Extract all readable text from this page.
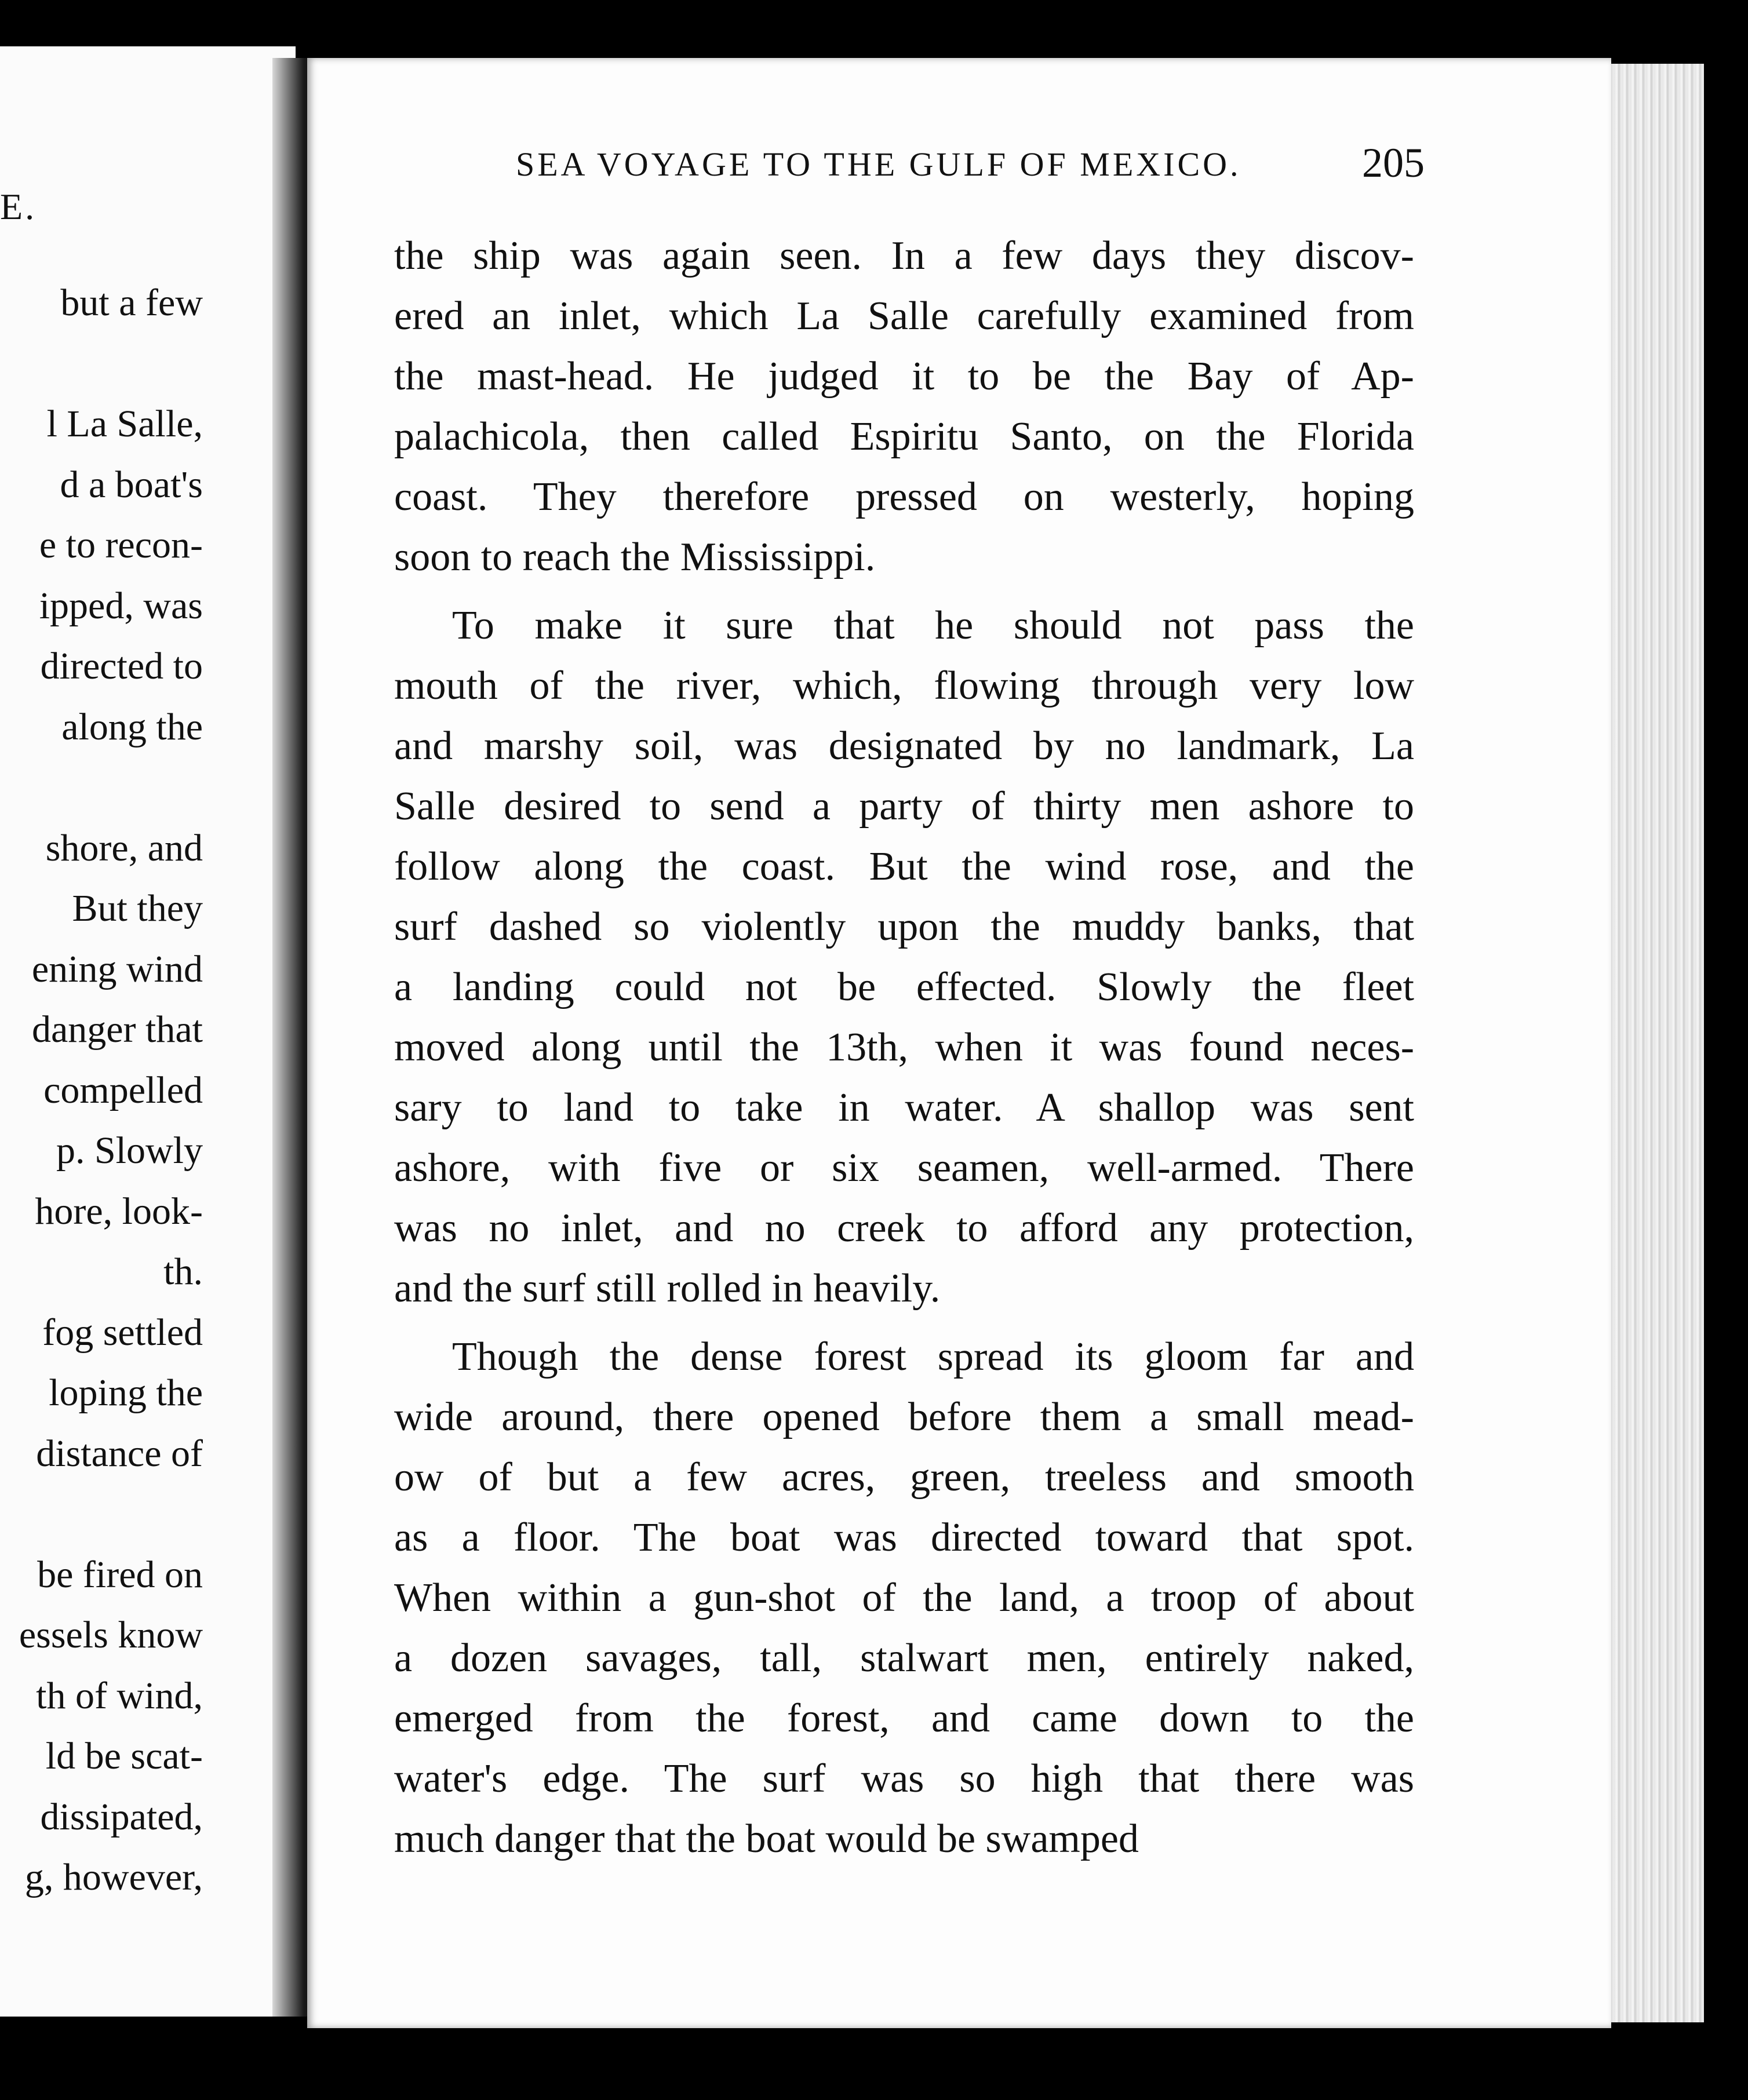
E.
but a few
l La Salle,
d a boat's
e to recon-
ipped, was
directed to
along the
shore, and
But they
ening wind
danger that
compelled
p. Slowly
hore, look-
th.
fog settled
loping the
distance of
be fired on
essels know
th of wind,
ld be scat-
dissipated,
g, however,
SEA VOYAGE TO THE GULF OF MEXICO.	205
the ship was again seen. In a few days they discov-
ered an inlet, which La Salle carefully examined from
the mast-head. He judged it to be the Bay of Ap-
palachicola, then called Espiritu Santo, on the Florida
coast. They therefore pressed on westerly, hoping
soon to reach the Mississippi.
To make it sure that he should not pass the
mouth of the river, which, flowing through very low
and marshy soil, was designated by no landmark, La
Salle desired to send a party of thirty men ashore to
follow along the coast. But the wind rose, and the
surf dashed so violently upon the muddy banks, that
a landing could not be effected. Slowly the fleet
moved along until the 13th, when it was found neces-
sary to land to take in water. A shallop was sent
ashore, with five or six seamen, well-armed. There
was no inlet, and no creek to afford any protection,
and the surf still rolled in heavily.
Though the dense forest spread its gloom far and
wide around, there opened before them a small mead-
ow of but a few acres, green, treeless and smooth
as a floor. The boat was directed toward that spot.
When within a gun-shot of the land, a troop of about
a dozen savages, tall, stalwart men, entirely naked,
emerged from the forest, and came down to the
water's edge. The surf was so high that there was
much danger that the boat would be swamped
